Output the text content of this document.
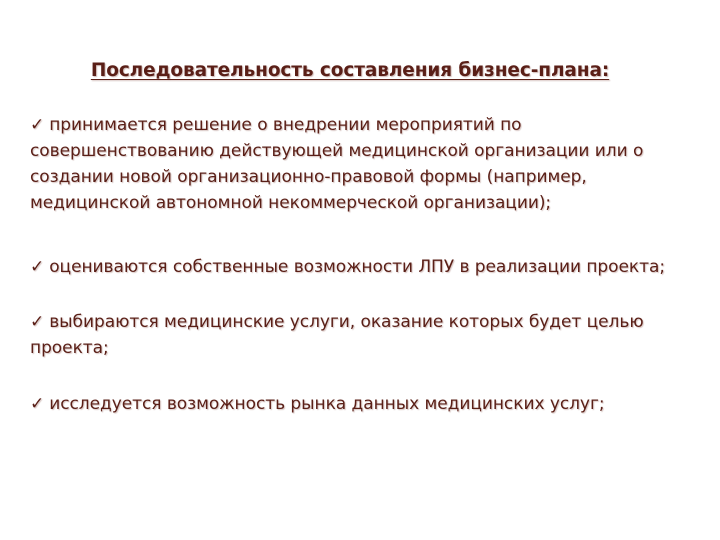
Последовательность составления бизнес-плана:
✓ принимается решение о внедрении мероприятий по совершенствованию действующей медицинской организации или о создании новой организационно-правовой формы (например, медицинской автономной некоммерческой организации);
✓ оцениваются собственные возможности ЛПУ в реализации проекта;
✓ выбираются медицинские услуги, оказание которых будет целью проекта;
✓ исследуется возможность рынка данных медицинских услуг;
